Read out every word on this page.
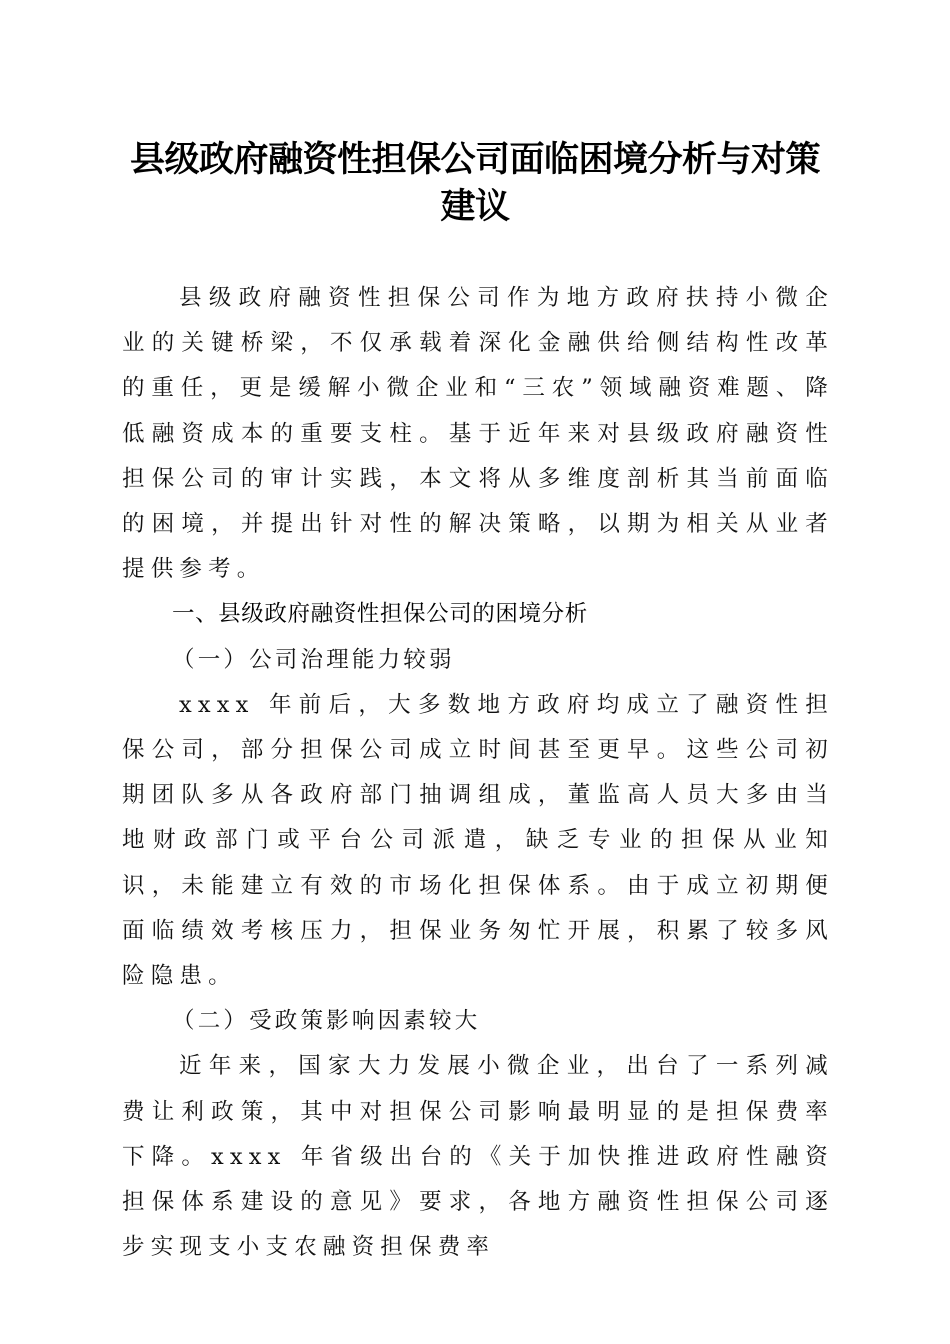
县级政府融资性担保公司面临困境分析与对策
建议

县级政府融资性担保公司作为地方政府扶持小微企业的关键桥梁，不仅承载着深化金融供给侧结构性改革的重任，更是缓解小微企业和“三农”领域融资难题、降低融资成本的重要支柱。基于近年来对县级政府融资性担保公司的审计实践，本文将从多维度剖析其当前面临的困境，并提出针对性的解决策略，以期为相关从业者提供参考。

一、县级政府融资性担保公司的困境分析

（一）公司治理能力较弱

xxxx 年前后，大多数地方政府均成立了融资性担保公司，部分担保公司成立时间甚至更早。这些公司初期团队多从各政府部门抽调组成，董监高人员大多由当地财政部门或平台公司派遣，缺乏专业的担保从业知识，未能建立有效的市场化担保体系。由于成立初期便面临绩效考核压力，担保业务匆忙开展，积累了较多风险隐患。

（二）受政策影响因素较大

近年来，国家大力发展小微企业，出台了一系列减费让利政策，其中对担保公司影响最明显的是担保费率下降。xxxx 年省级出台的《关于加快推进政府性融资担保体系建设的意见》要求，各地方融资性担保公司逐步实现支小支农融资担保费率
